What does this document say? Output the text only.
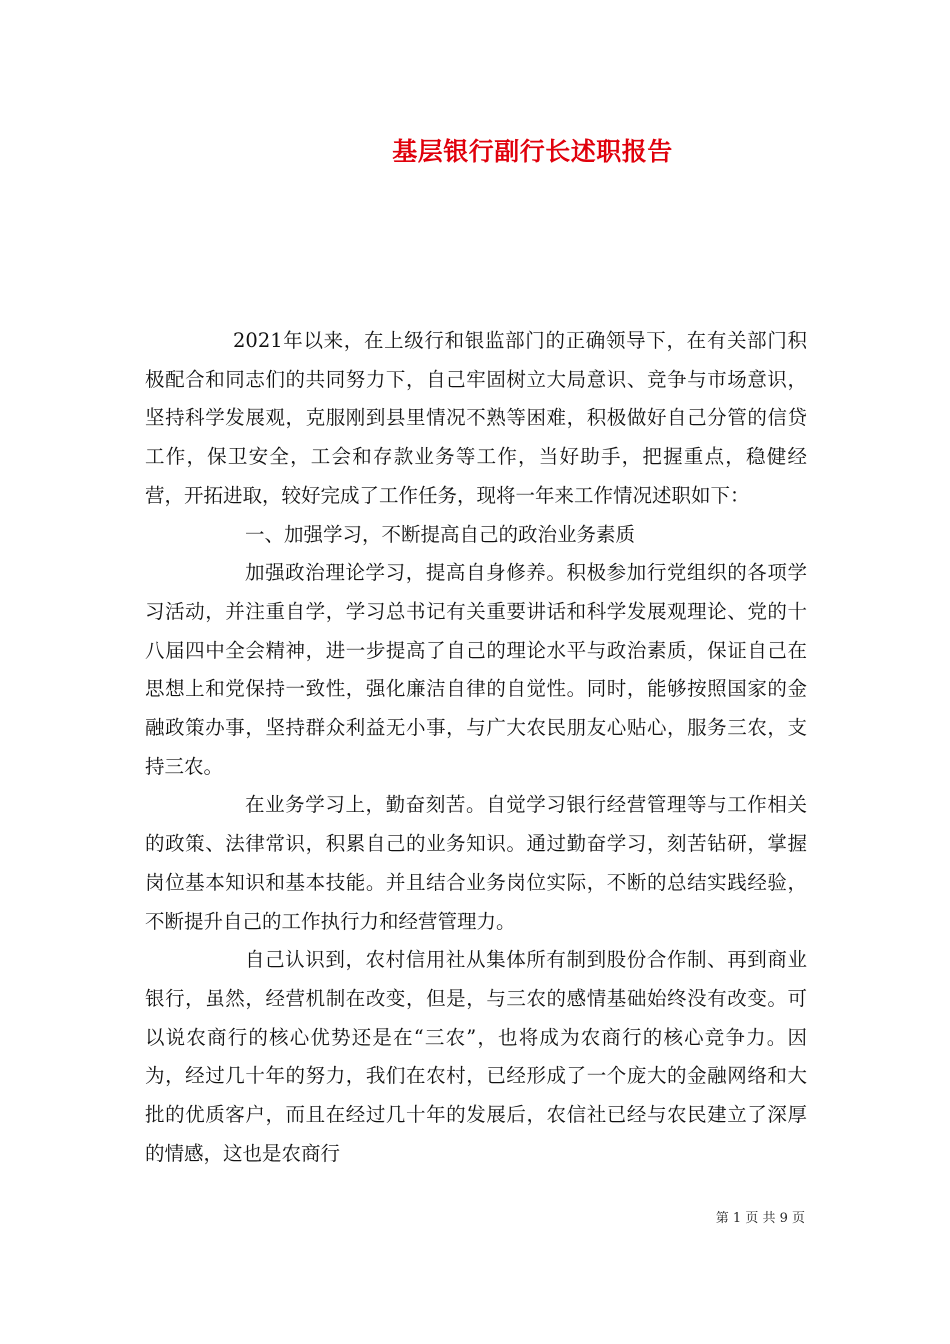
基层银行副行长述职报告

2021年以来，在上级行和银监部门的正确领导下，在有关部门积极配合和同志们的共同努力下，自己牢固树立大局意识、竞争与市场意识，坚持科学发展观，克服刚到县里情况不熟等困难，积极做好自己分管的信贷工作，保卫安全，工会和存款业务等工作，当好助手，把握重点，稳健经营，开拓进取，较好完成了工作任务，现将一年来工作情况述职如下：

一、加强学习，不断提高自己的政治业务素质

加强政治理论学习，提高自身修养。积极参加行党组织的各项学习活动，并注重自学，学习总书记有关重要讲话和科学发展观理论、党的十八届四中全会精神，进一步提高了自己的理论水平与政治素质，保证自己在思想上和党保持一致性，强化廉洁自律的自觉性。同时，能够按照国家的金融政策办事，坚持群众利益无小事，与广大农民朋友心贴心，服务三农，支持三农。

在业务学习上，勤奋刻苦。自觉学习银行经营管理等与工作相关的政策、法律常识，积累自己的业务知识。通过勤奋学习，刻苦钻研，掌握岗位基本知识和基本技能。并且结合业务岗位实际，不断的总结实践经验，不断提升自己的工作执行力和经营管理力。

自己认识到，农村信用社从集体所有制到股份合作制、再到商业银行，虽然，经营机制在改变，但是，与三农的感情基础始终没有改变。可以说农商行的核心优势还是在“三农”，也将成为农商行的核心竞争力。因为，经过几十年的努力，我们在农村，已经形成了一个庞大的金融网络和大批的优质客户，而且在经过几十年的发展后，农信社已经与农民建立了深厚的情感，这也是农商行

第 1 页 共 9 页
